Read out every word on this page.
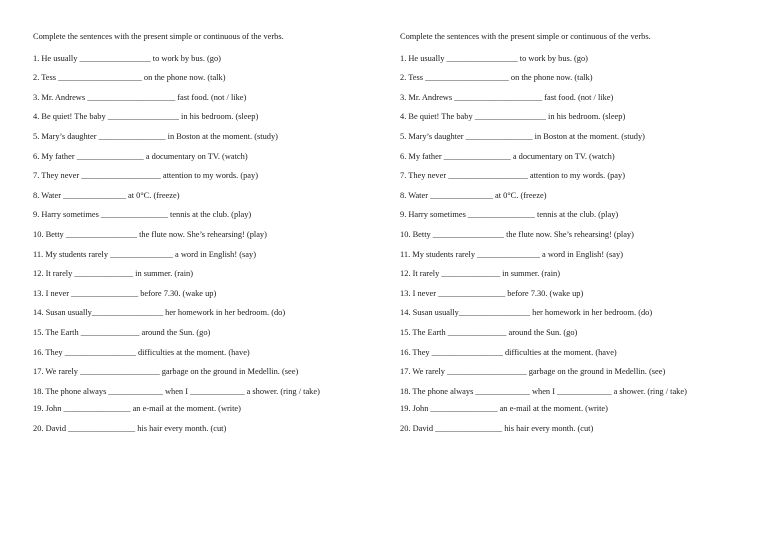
Complete the sentences with the present simple or continuous of the verbs.

1. He usually _________________ to work by bus. (go)

2. Tess ____________________ on the phone now. (talk)

3. Mr. Andrews _____________________ fast food. (not / like)

4. Be quiet! The baby _________________ in his bedroom. (sleep)

5. Mary’s daughter ________________ in Boston at the moment. (study)

6. My father ________________ a documentary on TV. (watch)

7. They never ___________________ attention to my words. (pay)

8. Water _______________ at 0°C. (freeze)

9. Harry sometimes ________________ tennis at the club. (play)

10. Betty _________________ the flute now. She’s rehearsing! (play)

11. My students rarely _______________ a word in English! (say)

12. It rarely ______________ in summer. (rain)

13. I never ________________ before 7.30. (wake up)

14. Susan usually_________________ her homework in her bedroom. (do)

15. The Earth ______________ around the Sun. (go)

16. They _________________ difficulties at the moment. (have)

17. We rarely ___________________ garbage on the ground in Medellin. (see)

18. The phone always _____________ when I _____________ a shower. (ring / take)

19. John ________________ an e-mail at the moment. (write)

20. David ________________ his hair every month. (cut)

Complete the sentences with the present simple or continuous of the verbs.

1. He usually _________________ to work by bus. (go)

2. Tess ____________________ on the phone now. (talk)

3. Mr. Andrews _____________________ fast food. (not / like)

4. Be quiet! The baby _________________ in his bedroom. (sleep)

5. Mary’s daughter ________________ in Boston at the moment. (study)

6. My father ________________ a documentary on TV. (watch)

7. They never ___________________ attention to my words. (pay)

8. Water _______________ at 0°C. (freeze)

9. Harry sometimes ________________ tennis at the club. (play)

10. Betty _________________ the flute now. She’s rehearsing! (play)

11. My students rarely _______________ a word in English! (say)

12. It rarely ______________ in summer. (rain)

13. I never ________________ before 7.30. (wake up)

14. Susan usually_________________ her homework in her bedroom. (do)

15. The Earth ______________ around the Sun. (go)

16. They _________________ difficulties at the moment. (have)

17. We rarely ___________________ garbage on the ground in Medellin. (see)

18. The phone always _____________ when I _____________ a shower. (ring / take)

19. John ________________ an e-mail at the moment. (write)

20. David ________________ his hair every month. (cut)
